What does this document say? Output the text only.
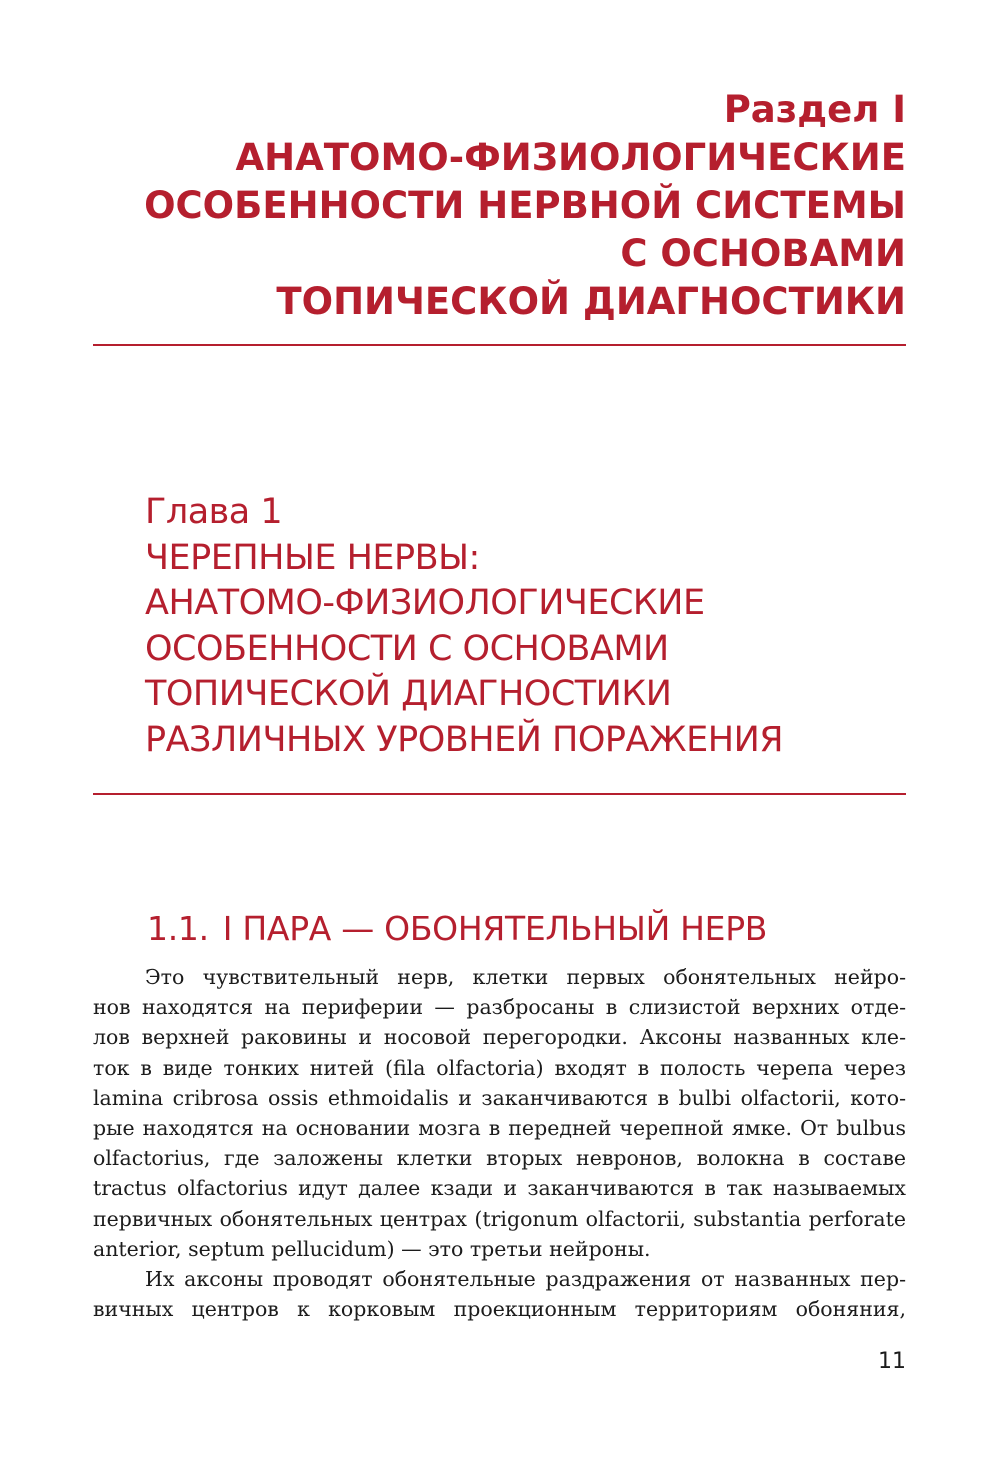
Раздел I
АНАТОМО-ФИЗИОЛОГИЧЕСКИЕ
ОСОБЕННОСТИ НЕРВНОЙ СИСТЕМЫ
С ОСНОВАМИ
ТОПИЧЕСКОЙ ДИАГНОСТИКИ
Глава 1
ЧЕРЕПНЫЕ НЕРВЫ:
АНАТОМО-ФИЗИОЛОГИЧЕСКИЕ
ОСОБЕННОСТИ С ОСНОВАМИ
ТОПИЧЕСКОЙ ДИАГНОСТИКИ
РАЗЛИЧНЫХ УРОВНЕЙ ПОРАЖЕНИЯ
1.1. I ПАРА — ОБОНЯТЕЛЬНЫЙ НЕРВ
Это чувствительный нерв, клетки первых обонятельных нейро-
нов находятся на периферии — разбросаны в слизистой верхних отде-
лов верхней раковины и носовой перегородки. Аксоны названных кле-
ток в виде тонких нитей (fila olfactoria) входят в полость черепа через
lamina cribrosa ossis ethmoidalis и заканчиваются в bulbi olfactorii, кото-
рые находятся на основании мозга в передней черепной ямке. От bulbus
olfactorius, где заложены клетки вторых невронов, волокна в составе
tractus olfactorius идут далее кзади и заканчиваются в так называемых
первичных обонятельных центрах (trigonum olfactorii, substantia perforate
anterior, septum pellucidum) — это третьи нейроны.
Их аксоны проводят обонятельные раздражения от названных пер-
вичных центров к корковым проекционным территориям обоняния,
11
